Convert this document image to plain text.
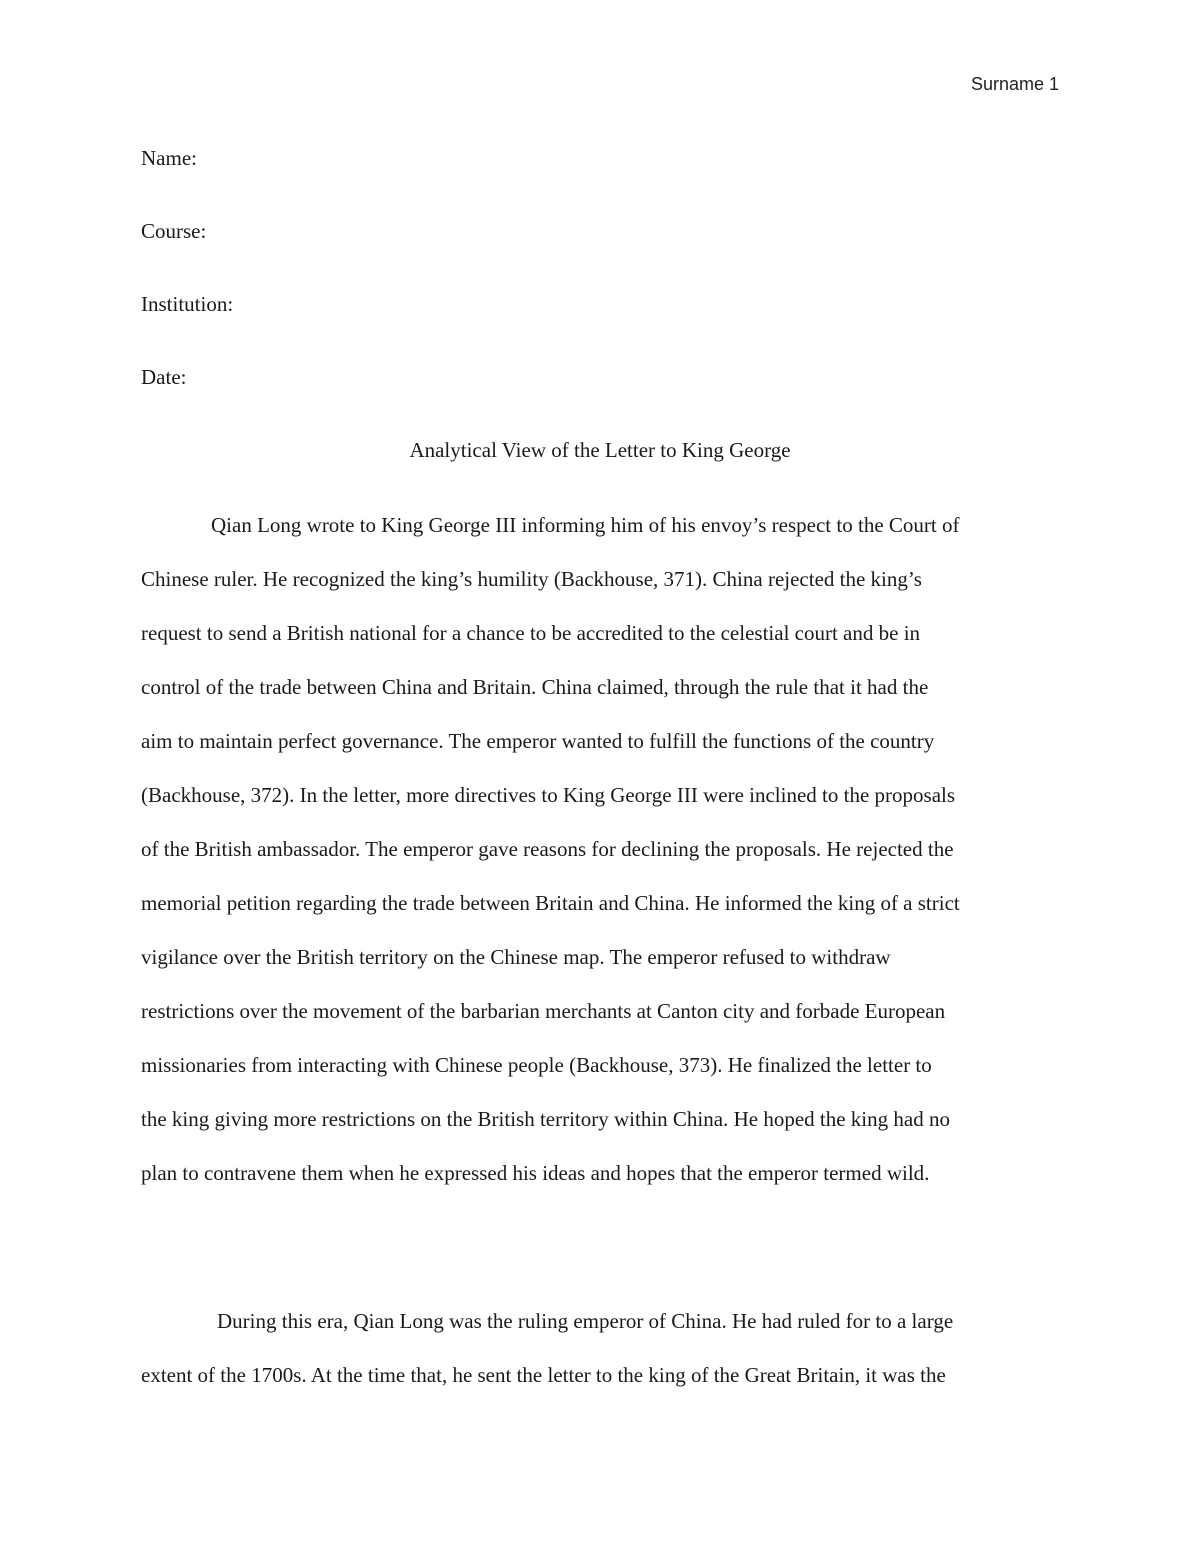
Surname 1
Name:
Course:
Institution:
Date:
Analytical View of the Letter to King George
Qian Long wrote to King George III informing him of his envoy’s respect to the Court of
Chinese ruler. He recognized the king’s humility (Backhouse, 371). China rejected the king’s
request to send a British national for a chance to be accredited to the celestial court and be in
control of the trade between China and Britain. China claimed, through the rule that it had the
aim to maintain perfect governance. The emperor wanted to fulfill the functions of the country
(Backhouse, 372). In the letter, more directives to King George III were inclined to the proposals
of the British ambassador. The emperor gave reasons for declining the proposals. He rejected the
memorial petition regarding the trade between Britain and China. He informed the king of a strict
vigilance over the British territory on the Chinese map. The emperor refused to withdraw
restrictions over the movement of the barbarian merchants at Canton city and forbade European
missionaries from interacting with Chinese people (Backhouse, 373). He finalized the letter to
the king giving more restrictions on the British territory within China. He hoped the king had no
plan to contravene them when he expressed his ideas and hopes that the emperor termed wild.
During this era, Qian Long was the ruling emperor of China. He had ruled for to a large
extent of the 1700s. At the time that, he sent the letter to the king of the Great Britain, it was the
